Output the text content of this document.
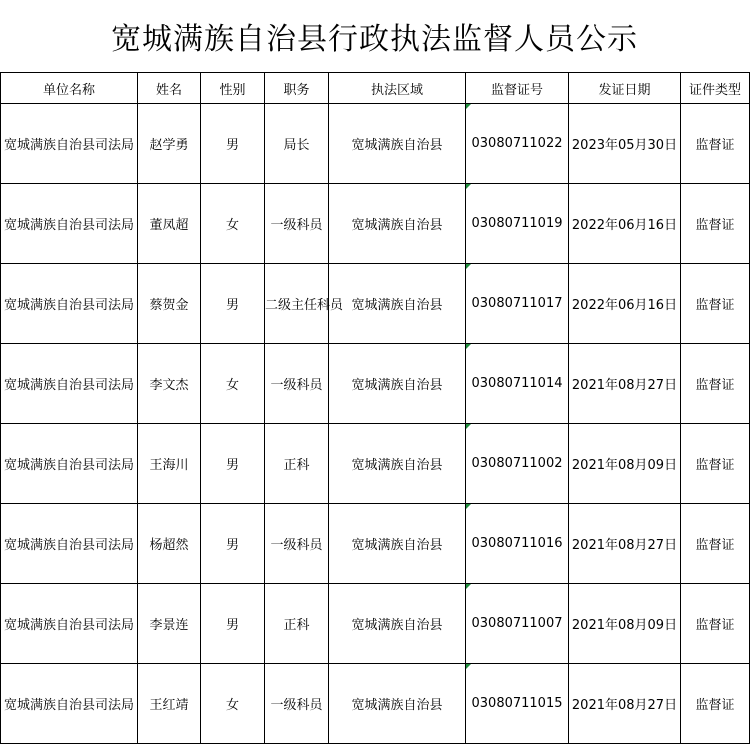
宽城满族自治县行政执法监督人员公示
单位名称	姓名	性别	职务	执法区域	监督证号	发证日期	证件类型
宽城满族自治县司法局	赵学勇	男	局长	宽城满族自治县	03080711022	2023年05月30日	监督证
宽城满族自治县司法局	董凤超	女	一级科员	宽城满族自治县	03080711019	2022年06月16日	监督证
宽城满族自治县司法局	蔡贺金	男	二级主任科员	宽城满族自治县	03080711017	2022年06月16日	监督证
宽城满族自治县司法局	李文杰	女	一级科员	宽城满族自治县	03080711014	2021年08月27日	监督证
宽城满族自治县司法局	王海川	男	正科	宽城满族自治县	03080711002	2021年08月09日	监督证
宽城满族自治县司法局	杨超然	男	一级科员	宽城满族自治县	03080711016	2021年08月27日	监督证
宽城满族自治县司法局	李景连	男	正科	宽城满族自治县	03080711007	2021年08月09日	监督证
宽城满族自治县司法局	王红靖	女	一级科员	宽城满族自治县	03080711015	2021年08月27日	监督证
